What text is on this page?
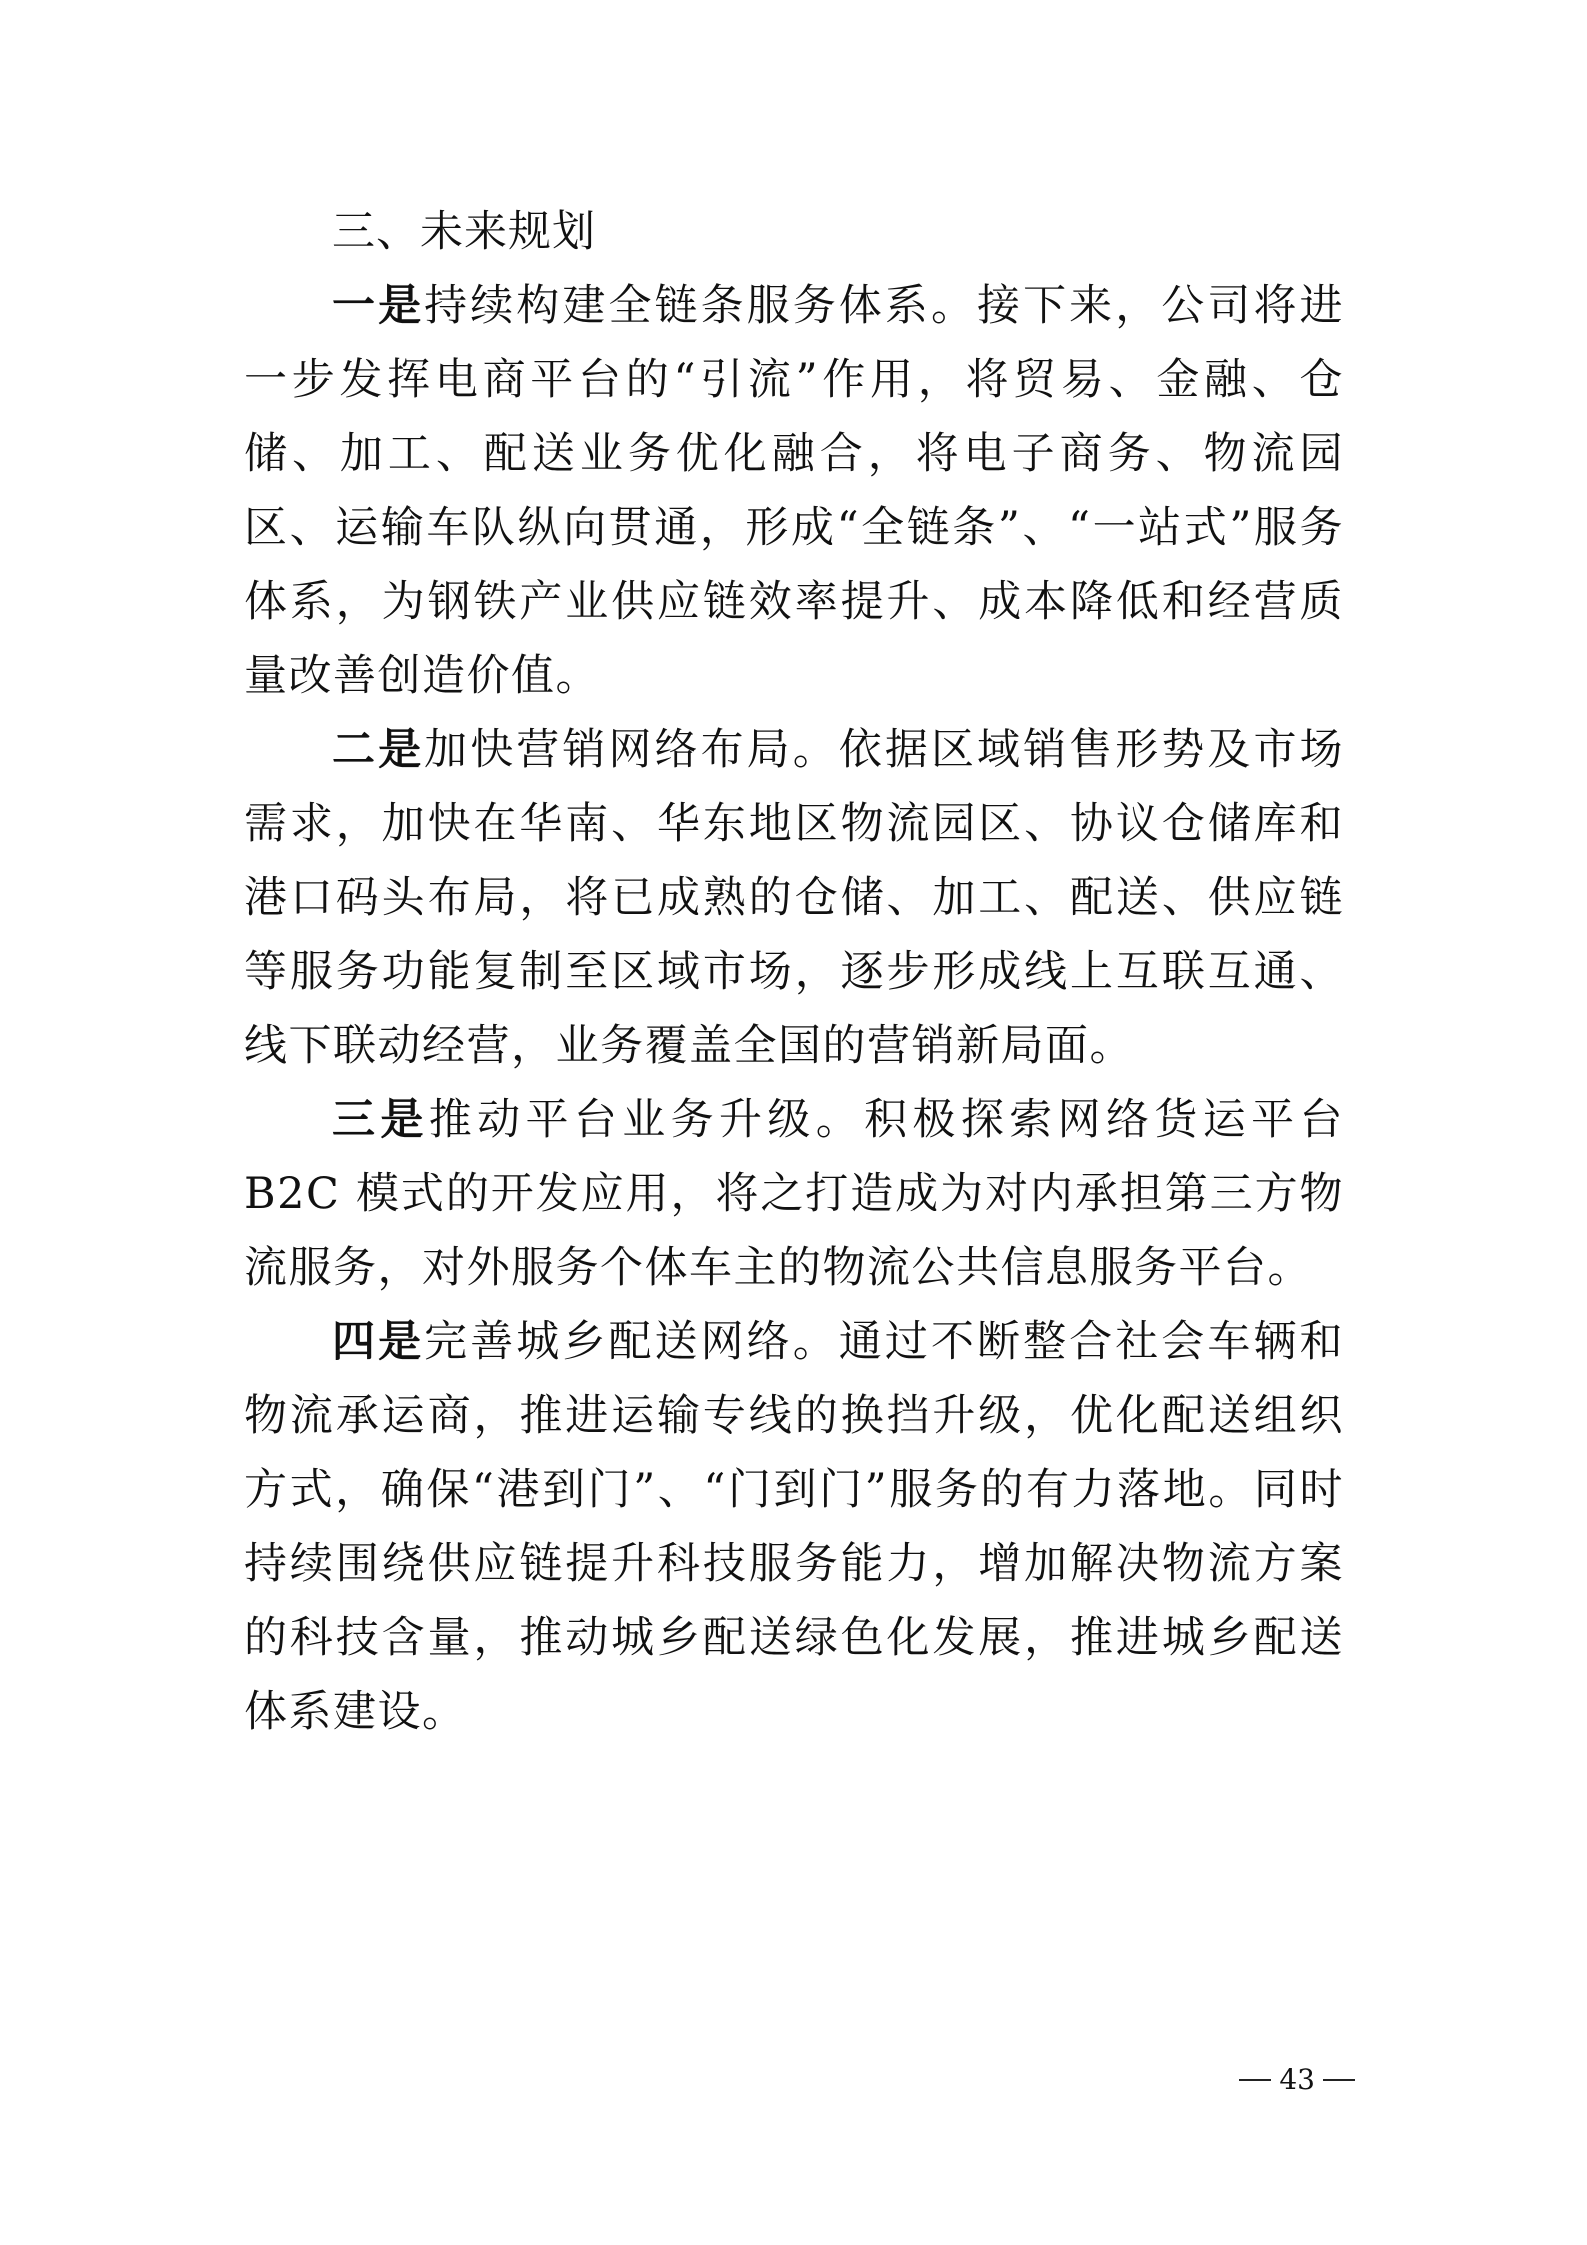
三、未来规划

一是持续构建全链条服务体系。接下来，公司将进一步发挥电商平台的“引流”作用，将贸易、金融、仓储、加工、配送业务优化融合，将电子商务、物流园区、运输车队纵向贯通，形成“全链条”、“一站式”服务体系，为钢铁产业供应链效率提升、成本降低和经营质量改善创造价值。

二是加快营销网络布局。依据区域销售形势及市场需求，加快在华南、华东地区物流园区、协议仓储库和港口码头布局，将已成熟的仓储、加工、配送、供应链等服务功能复制至区域市场，逐步形成线上互联互通、线下联动经营，业务覆盖全国的营销新局面。

三是推动平台业务升级。积极探索网络货运平台 B2C 模式的开发应用，将之打造成为对内承担第三方物流服务，对外服务个体车主的物流公共信息服务平台。

四是完善城乡配送网络。通过不断整合社会车辆和物流承运商，推进运输专线的换挡升级，优化配送组织方式，确保“港到门”、“门到门”服务的有力落地。同时持续围绕供应链提升科技服务能力，增加解决物流方案的科技含量，推动城乡配送绿色化发展，推进城乡配送体系建设。

43
